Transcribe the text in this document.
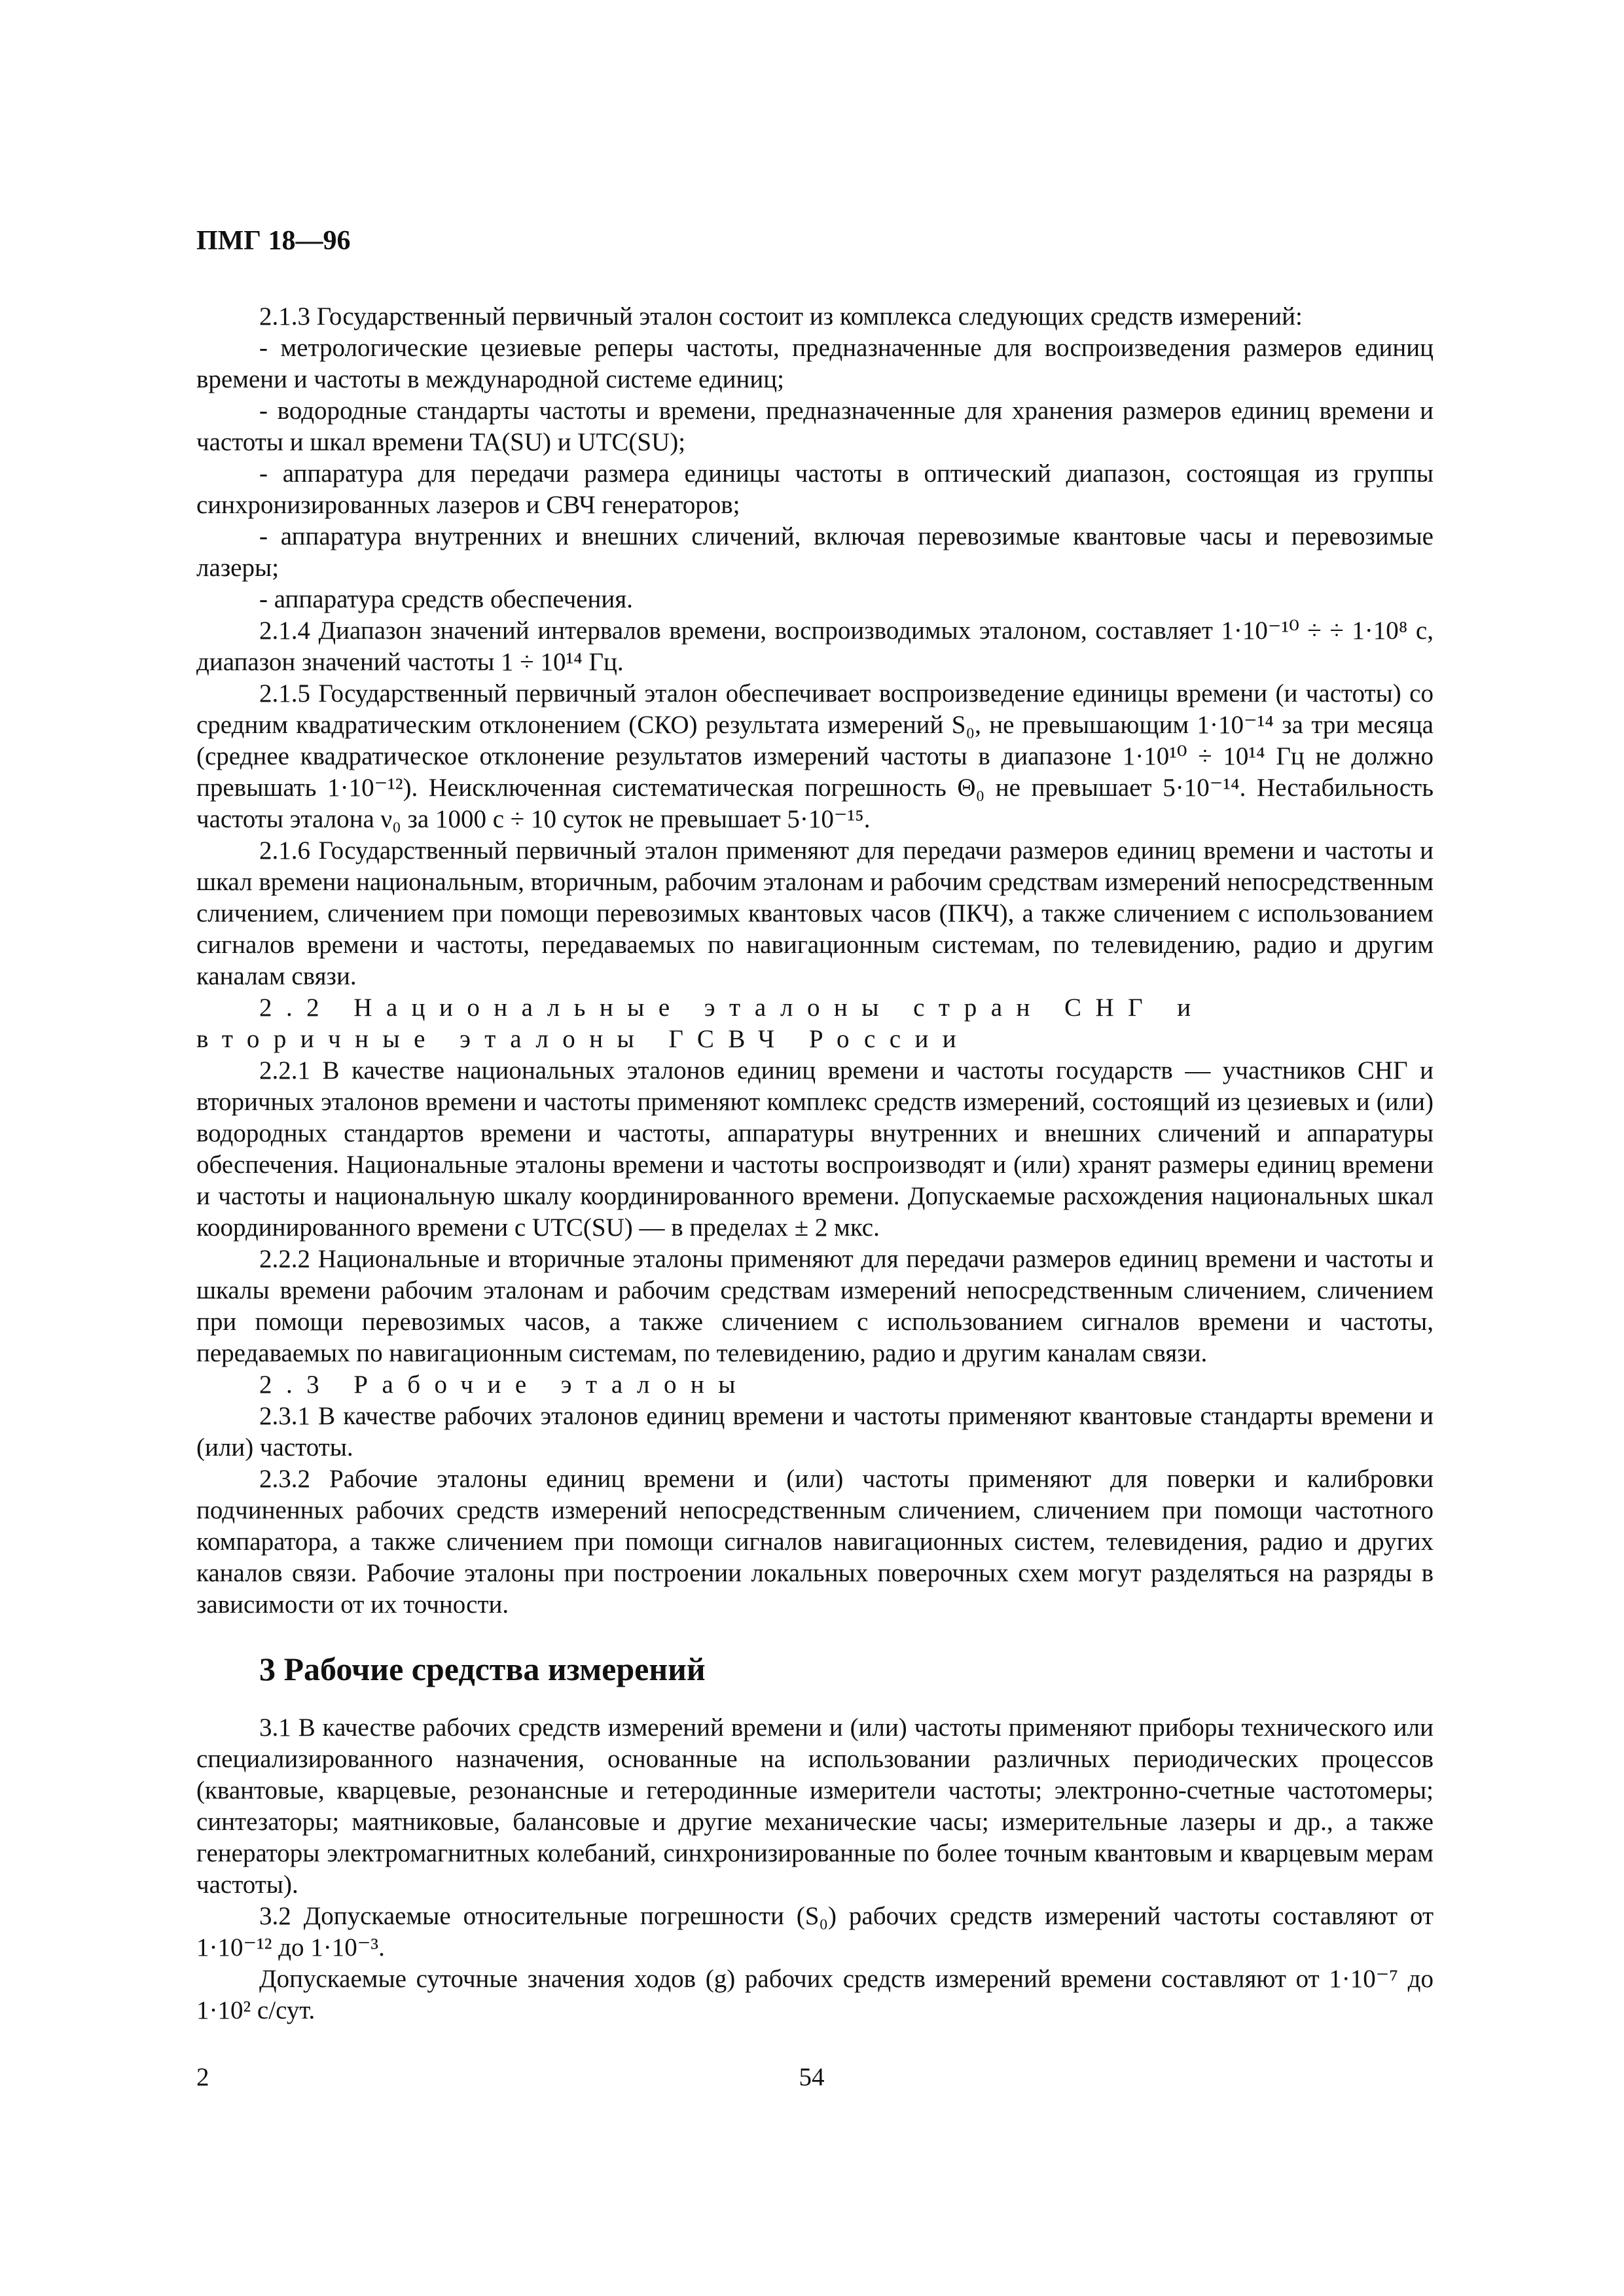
ПМГ 18—96

2.1.3 Государственный первичный эталон состоит из комплекса следующих средств измерений:

- метрологические цезиевые реперы частоты, предназначенные для воспроизведения размеров единиц времени и частоты в международной системе единиц;

- водородные стандарты частоты и времени, предназначенные для хранения размеров единиц времени и частоты и шкал времени TA(SU) и UTC(SU);

- аппаратура для передачи размера единицы частоты в оптический диапазон, состоящая из группы синхронизированных лазеров и СВЧ генераторов;

- аппаратура внутренних и внешних сличений, включая перевозимые квантовые часы и перевозимые лазеры;

- аппаратура средств обеспечения.

2.1.4 Диапазон значений интервалов времени, воспроизводимых эталоном, составляет 1·10⁻¹⁰ ÷ ÷ 1·10⁸ с, диапазон значений частоты 1 ÷ 10¹⁴ Гц.

2.1.5 Государственный первичный эталон обеспечивает воспроизведение единицы времени (и частоты) со средним квадратическим отклонением (СКО) результата измерений S₀, не превышающим 1·10⁻¹⁴ за три месяца (среднее квадратическое отклонение результатов измерений частоты в диапазоне 1·10¹⁰ ÷ 10¹⁴ Гц не должно превышать 1·10⁻¹²). Неисключенная систематическая погрешность Θ₀ не превышает 5·10⁻¹⁴. Нестабильность частоты эталона ν₀ за 1000 с ÷ 10 суток не превышает 5·10⁻¹⁵.

2.1.6 Государственный первичный эталон применяют для передачи размеров единиц времени и частоты и шкал времени национальным, вторичным, рабочим эталонам и рабочим средствам измерений непосредственным сличением, сличением при помощи перевозимых квантовых часов (ПКЧ), а также сличением с использованием сигналов времени и частоты, передаваемых по навигационным системам, по телевидению, радио и другим каналам связи.

2.2 Национальные эталоны стран СНГ и вторичные эталоны ГСВЧ России

2.2.1 В качестве национальных эталонов единиц времени и частоты государств — участников СНГ и вторичных эталонов времени и частоты применяют комплекс средств измерений, состоящий из цезиевых и (или) водородных стандартов времени и частоты, аппаратуры внутренних и внешних сличений и аппаратуры обеспечения. Национальные эталоны времени и частоты воспроизводят и (или) хранят размеры единиц времени и частоты и национальную шкалу координированного времени. Допускаемые расхождения национальных шкал координированного времени с UTC(SU) — в пределах ± 2 мкс.

2.2.2 Национальные и вторичные эталоны применяют для передачи размеров единиц времени и частоты и шкалы времени рабочим эталонам и рабочим средствам измерений непосредственным сличением, сличением при помощи перевозимых часов, а также сличением с использованием сигналов времени и частоты, передаваемых по навигационным системам, по телевидению, радио и другим каналам связи.

2.3 Рабочие эталоны

2.3.1 В качестве рабочих эталонов единиц времени и частоты применяют квантовые стандарты времени и (или) частоты.

2.3.2 Рабочие эталоны единиц времени и (или) частоты применяют для поверки и калибровки подчиненных рабочих средств измерений непосредственным сличением, сличением при помощи частотного компаратора, а также сличением при помощи сигналов навигационных систем, телевидения, радио и других каналов связи. Рабочие эталоны при построении локальных поверочных схем могут разделяться на разряды в зависимости от их точности.

3 Рабочие средства измерений

3.1 В качестве рабочих средств измерений времени и (или) частоты применяют приборы технического или специализированного назначения, основанные на использовании различных периодических процессов (квантовые, кварцевые, резонансные и гетеродинные измерители частоты; электронно-счетные частотомеры; синтезаторы; маятниковые, балансовые и другие механические часы; измерительные лазеры и др., а также генераторы электромагнитных колебаний, синхронизированные по более точным квантовым и кварцевым мерам частоты).

3.2 Допускаемые относительные погрешности (S₀) рабочих средств измерений частоты составляют от 1·10⁻¹² до 1·10⁻³.

Допускаемые суточные значения ходов (g) рабочих средств измерений времени составляют от 1·10⁻⁷ до 1·10² с/сут.

2	54
